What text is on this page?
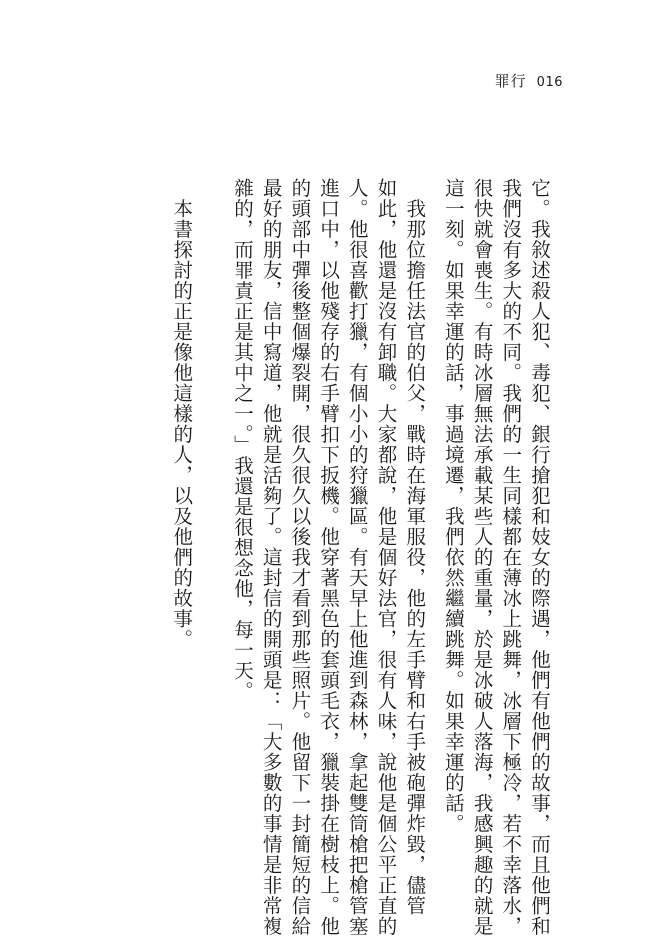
罪行 016

它。我敘述殺人犯、毒犯、銀行搶犯和妓女的際遇，他們有他們的故事，而且他們和

我們沒有多大的不同。我們的一生同樣都在薄冰上跳舞，冰層下極冷，若不幸落水，

很快就會喪生。有時冰層無法承載某些人的重量，於是冰破人落海，我感興趣的就是

這一刻。如果幸運的話，事過境遷，我們依然繼續跳舞。如果幸運的話。

　我那位擔任法官的伯父，戰時在海軍服役，他的左手臂和右手被砲彈炸毀，儘管

如此，他還是沒有卸職。大家都說，他是個好法官，很有人味，說他是個公平正直的

人。他很喜歡打獵，有個小小的狩獵區。有天早上他進到森林，拿起雙筒槍把槍管塞

進口中，以他殘存的右手臂扣下扳機。他穿著黑色的套頭毛衣，獵裝掛在樹枝上。他

的頭部中彈後整個爆裂開，很久很久以後我才看到那些照片。他留下一封簡短的信給

最好的朋友，信中寫道，他就是活夠了。這封信的開頭是：「大多數的事情是非常複

雜的，而罪責正是其中之一。」我還是很想念他，每一天。

　本書探討的正是像他這樣的人，以及他們的故事。
